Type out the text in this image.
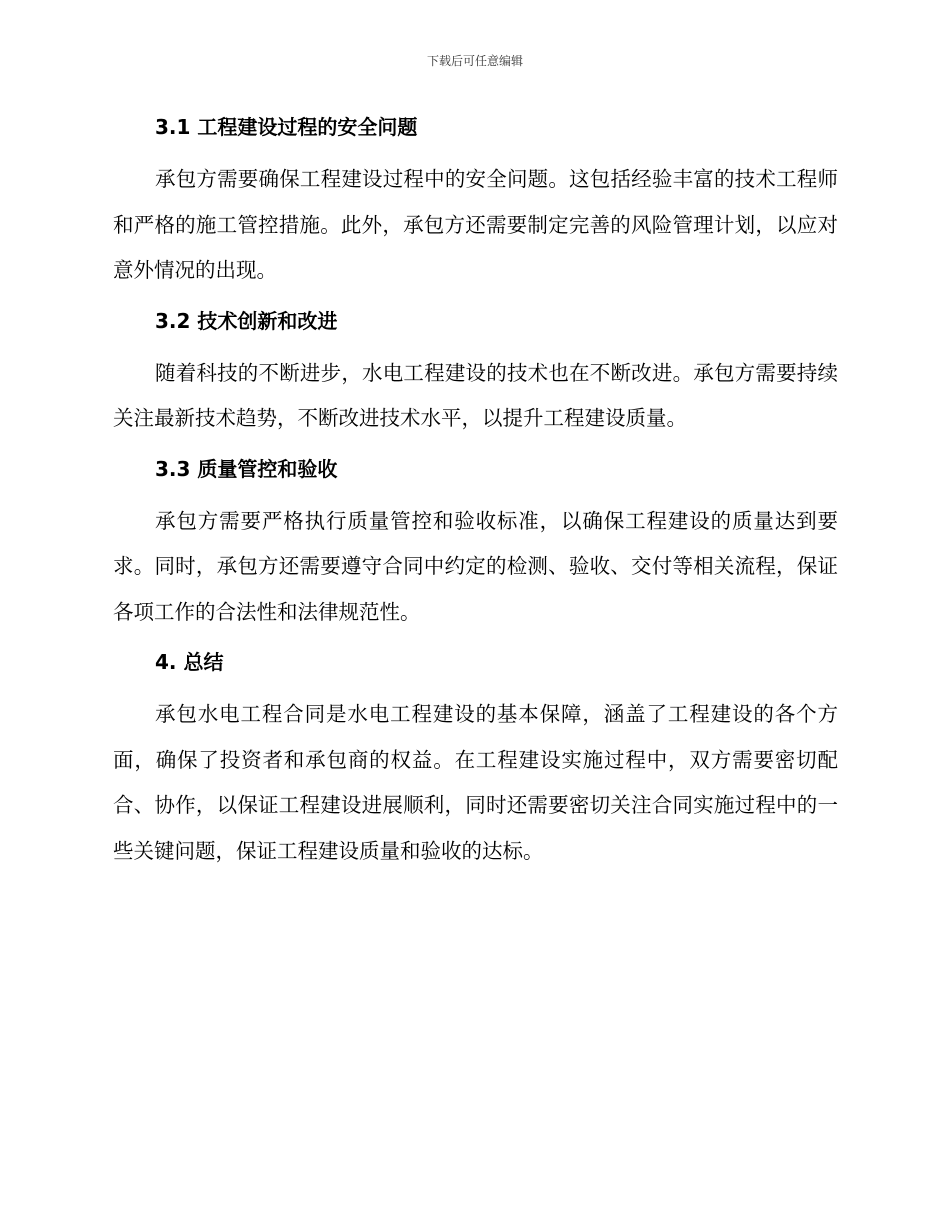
下载后可任意编辑
3.1 工程建设过程的安全问题

承包方需要确保工程建设过程中的安全问题。这包括经验丰富的技术工程师和严格的施工管控措施。此外，承包方还需要制定完善的风险管理计划，以应对意外情况的出现。

3.2 技术创新和改进

随着科技的不断进步，水电工程建设的技术也在不断改进。承包方需要持续关注最新技术趋势，不断改进技术水平，以提升工程建设质量。

3.3 质量管控和验收

承包方需要严格执行质量管控和验收标准，以确保工程建设的质量达到要求。同时，承包方还需要遵守合同中约定的检测、验收、交付等相关流程，保证各项工作的合法性和法律规范性。

4. 总结

承包水电工程合同是水电工程建设的基本保障，涵盖了工程建设的各个方面，确保了投资者和承包商的权益。在工程建设实施过程中，双方需要密切配合、协作，以保证工程建设进展顺利，同时还需要密切关注合同实施过程中的一些关键问题，保证工程建设质量和验收的达标。
